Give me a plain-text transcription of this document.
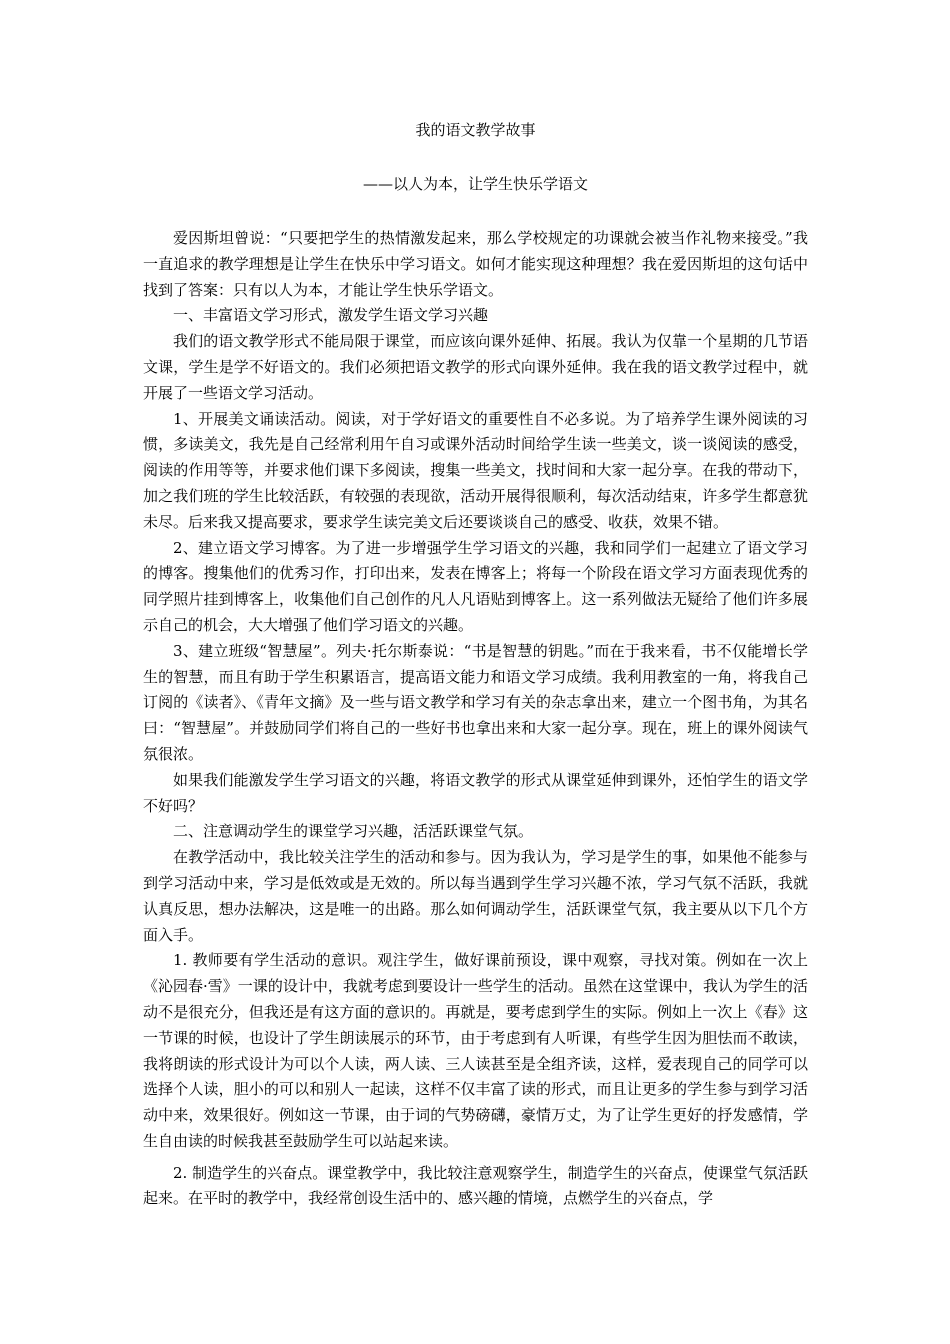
我的语文教学故事
——以人为本，让学生快乐学语文

爱因斯坦曾说：“只要把学生的热情激发起来，那么学校规定的功课就会被当作礼物来接受。”我一直追求的教学理想是让学生在快乐中学习语文。如何才能实现这种理想？我在爱因斯坦的这句话中找到了答案：只有以人为本，才能让学生快乐学语文。

一、丰富语文学习形式，激发学生语文学习兴趣

我们的语文教学形式不能局限于课堂，而应该向课外延伸、拓展。我认为仅靠一个星期的几节语文课，学生是学不好语文的。我们必须把语文教学的形式向课外延伸。我在我的语文教学过程中，就开展了一些语文学习活动。

1、开展美文诵读活动。阅读，对于学好语文的重要性自不必多说。为了培养学生课外阅读的习惯，多读美文，我先是自己经常利用午自习或课外活动时间给学生读一些美文，谈一谈阅读的感受，阅读的作用等等，并要求他们课下多阅读，搜集一些美文，找时间和大家一起分享。在我的带动下，加之我们班的学生比较活跃，有较强的表现欲，活动开展得很顺利，每次活动结束，许多学生都意犹未尽。后来我又提高要求，要求学生读完美文后还要谈谈自己的感受、收获，效果不错。

2、建立语文学习博客。为了进一步增强学生学习语文的兴趣，我和同学们一起建立了语文学习的博客。搜集他们的优秀习作，打印出来，发表在博客上；将每一个阶段在语文学习方面表现优秀的同学照片挂到博客上，收集他们自己创作的凡人凡语贴到博客上。这一系列做法无疑给了他们许多展示自己的机会，大大增强了他们学习语文的兴趣。

3、建立班级“智慧屋”。列夫·托尔斯泰说：“书是智慧的钥匙。”而在于我来看，书不仅能增长学生的智慧，而且有助于学生积累语言，提高语文能力和语文学习成绩。我利用教室的一角，将我自己订阅的《读者》、《青年文摘》及一些与语文教学和学习有关的杂志拿出来，建立一个图书角，为其名曰：“智慧屋”。并鼓励同学们将自己的一些好书也拿出来和大家一起分享。现在，班上的课外阅读气氛很浓。

如果我们能激发学生学习语文的兴趣，将语文教学的形式从课堂延伸到课外，还怕学生的语文学不好吗？

二、注意调动学生的课堂学习兴趣，活活跃课堂气氛。

在教学活动中，我比较关注学生的活动和参与。因为我认为，学习是学生的事，如果他不能参与到学习活动中来，学习是低效或是无效的。所以每当遇到学生学习兴趣不浓，学习气氛不活跃，我就认真反思，想办法解决，这是唯一的出路。那么如何调动学生，活跃课堂气氛，我主要从以下几个方面入手。

1. 教师要有学生活动的意识。观注学生，做好课前预设，课中观察，寻找对策。例如在一次上《沁园春·雪》一课的设计中，我就考虑到要设计一些学生的活动。虽然在这堂课中，我认为学生的活动不是很充分，但我还是有这方面的意识的。再就是，要考虑到学生的实际。例如上一次上《春》这一节课的时候，也设计了学生朗读展示的环节，由于考虑到有人听课，有些学生因为胆怯而不敢读，我将朗读的形式设计为可以个人读，两人读、三人读甚至是全组齐读，这样，爱表现自己的同学可以选择个人读，胆小的可以和别人一起读，这样不仅丰富了读的形式，而且让更多的学生参与到学习活动中来，效果很好。例如这一节课，由于词的气势磅礴，豪情万丈，为了让学生更好的抒发感情，学生自由读的时候我甚至鼓励学生可以站起来读。

2. 制造学生的兴奋点。课堂教学中，我比较注意观察学生，制造学生的兴奋点，使课堂气氛活跃起来。在平时的教学中，我经常创设生活中的、感兴趣的情境，点燃学生的兴奋点，学
